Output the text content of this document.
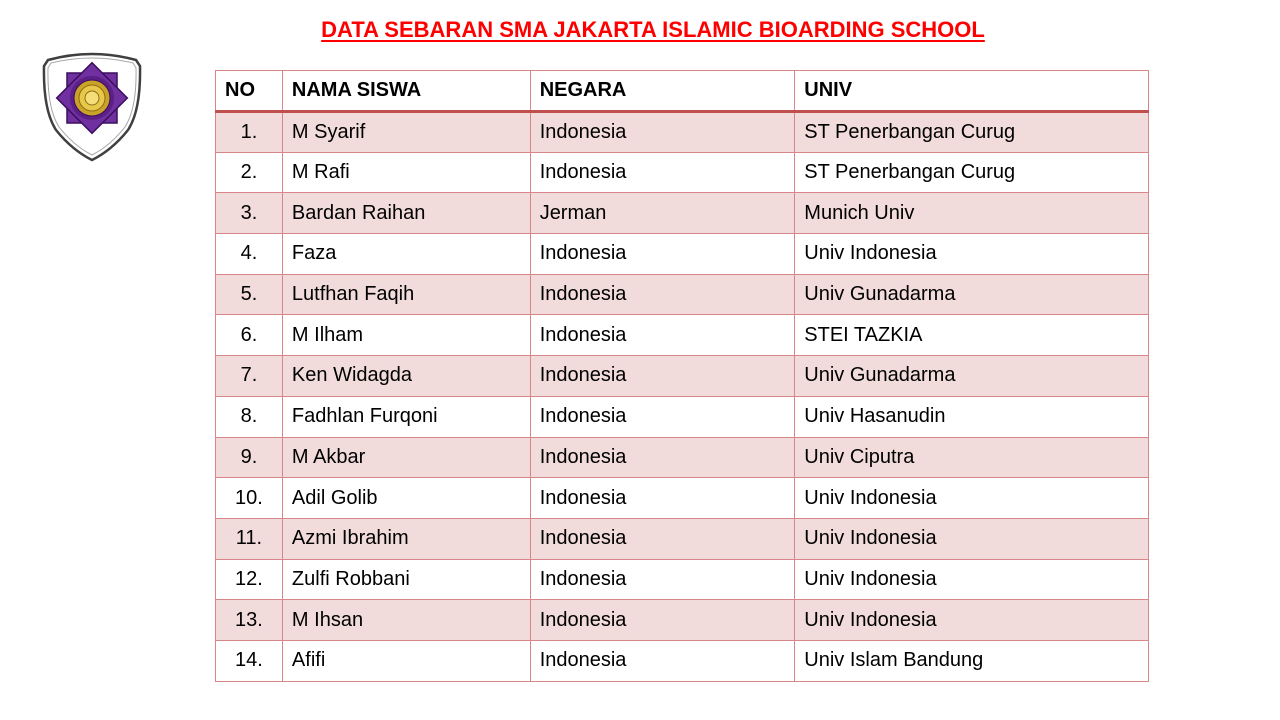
DATA SEBARAN SMA JAKARTA ISLAMIC BIOARDING SCHOOL
NO	NAMA SISWA	NEGARA	UNIV
1.	M Syarif	Indonesia	ST Penerbangan Curug
2.	M Rafi	Indonesia	ST Penerbangan Curug
3.	Bardan Raihan	Jerman	Munich Univ
4.	Faza	Indonesia	Univ Indonesia
5.	Lutfhan Faqih	Indonesia	Univ Gunadarma
6.	M Ilham	Indonesia	STEI TAZKIA
7.	Ken Widagda	Indonesia	Univ Gunadarma
8.	Fadhlan Furqoni	Indonesia	Univ Hasanudin
9.	M Akbar	Indonesia	Univ Ciputra
10.	Adil Golib	Indonesia	Univ Indonesia
11.	Azmi Ibrahim	Indonesia	Univ Indonesia
12.	Zulfi Robbani	Indonesia	Univ Indonesia
13.	M Ihsan	Indonesia	Univ Indonesia
14.	Afifi	Indonesia	Univ Islam Bandung
